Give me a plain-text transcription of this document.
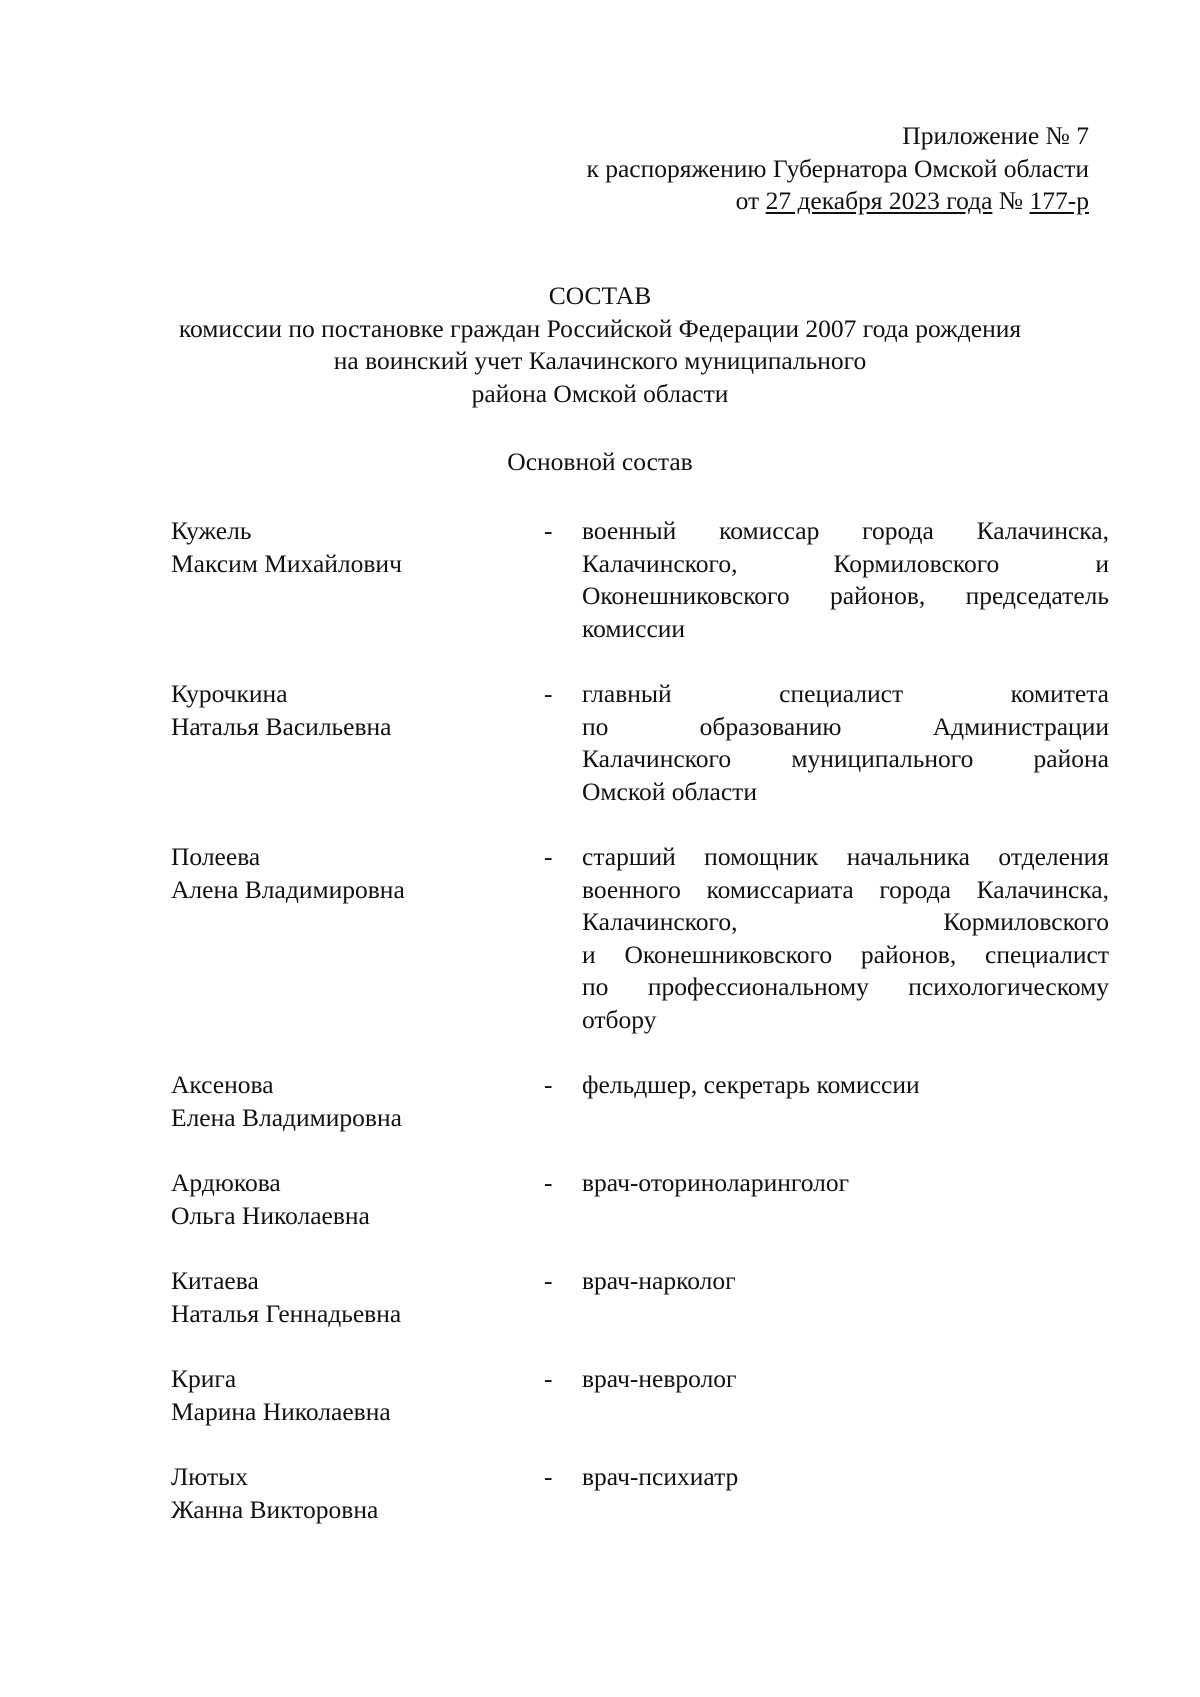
Приложение № 7
к распоряжению Губернатора Омской области
от 27 декабря 2023 года № 177-р
СОСТАВ
комиссии по постановке граждан Российской Федерации 2007 года рождения
на воинский учет Калачинского муниципального
района Омской области
Основной состав
Кужель
Максим Михайлович
- военный комиссар города Калачинска,
Калачинского, Кормиловского и
Оконешниковского районов, председатель
комиссии
Курочкина
Наталья Васильевна
- главный специалист комитета
по образованию Администрации
Калачинского муниципального района
Омской области
Полеева
Алена Владимировна
- старший помощник начальника отделения
военного комиссариата города Калачинска,
Калачинского, Кормиловского
и Оконешниковского районов, специалист
по профессиональному психологическому
отбору
Аксенова
Елена Владимировна
- фельдшер, секретарь комиссии
Ардюкова
Ольга Николаевна
- врач-оториноларинголог
Китаева
Наталья Геннадьевна
- врач-нарколог
Крига
Марина Николаевна
- врач-невролог
Лютых
Жанна Викторовна
- врач-психиатр
